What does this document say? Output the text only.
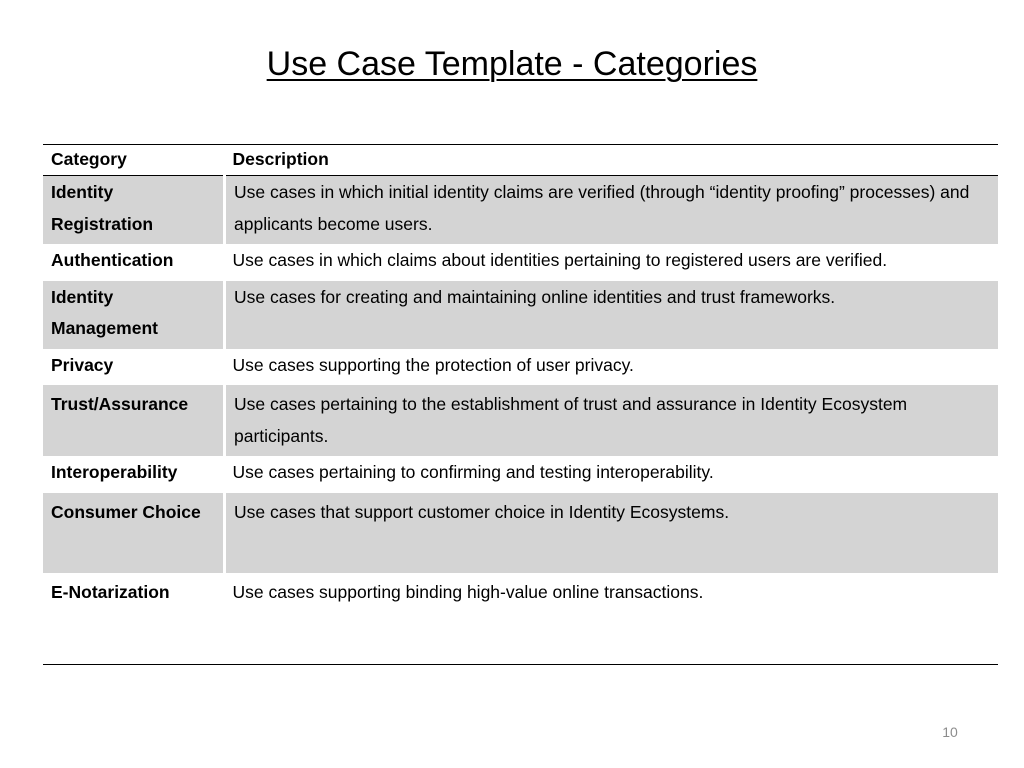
Use Case Template - Categories
Category	Description
Identity Registration	Use cases in which initial identity claims are verified (through “identity proofing” processes) and applicants become users.
Authentication	Use cases in which claims about identities pertaining to registered users are verified.
Identity Management	Use cases for creating and maintaining online identities and trust frameworks.
Privacy	Use cases supporting the protection of user privacy.
Trust/Assurance	Use cases pertaining to the establishment of trust and assurance in Identity Ecosystem participants.
Interoperability	Use cases pertaining to confirming and testing interoperability.
Consumer Choice	Use cases that support customer choice in Identity Ecosystems.
E-Notarization	Use cases supporting binding high-value online transactions.
10
